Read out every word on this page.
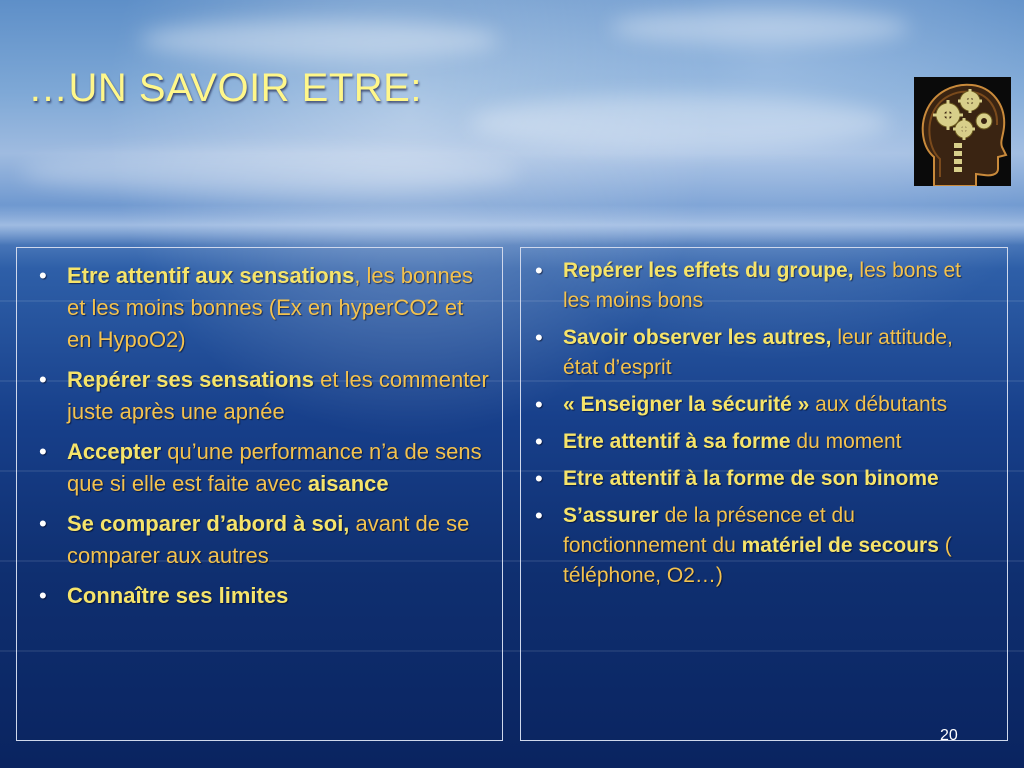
…UN SAVOIR ETRE:
• Etre attentif aux sensations, les bonnes et les moins bonnes (Ex en hyperCO2 et en HypoO2)
• Repérer ses sensations et les commenter juste après une apnée
• Accepter qu’une performance n’a de sens que si elle est faite avec aisance
• Se comparer d’abord à soi, avant de se comparer aux autres
• Connaître ses limites
• Repérer les effets du groupe, les bons et les moins bons
• Savoir observer les autres, leur attitude, état d’esprit
• « Enseigner la sécurité » aux débutants
• Etre attentif à sa forme du moment
• Etre attentif à la forme de son binome
• S’assurer de la présence et du fonctionnement du matériel de secours ( téléphone, O2…)
20
